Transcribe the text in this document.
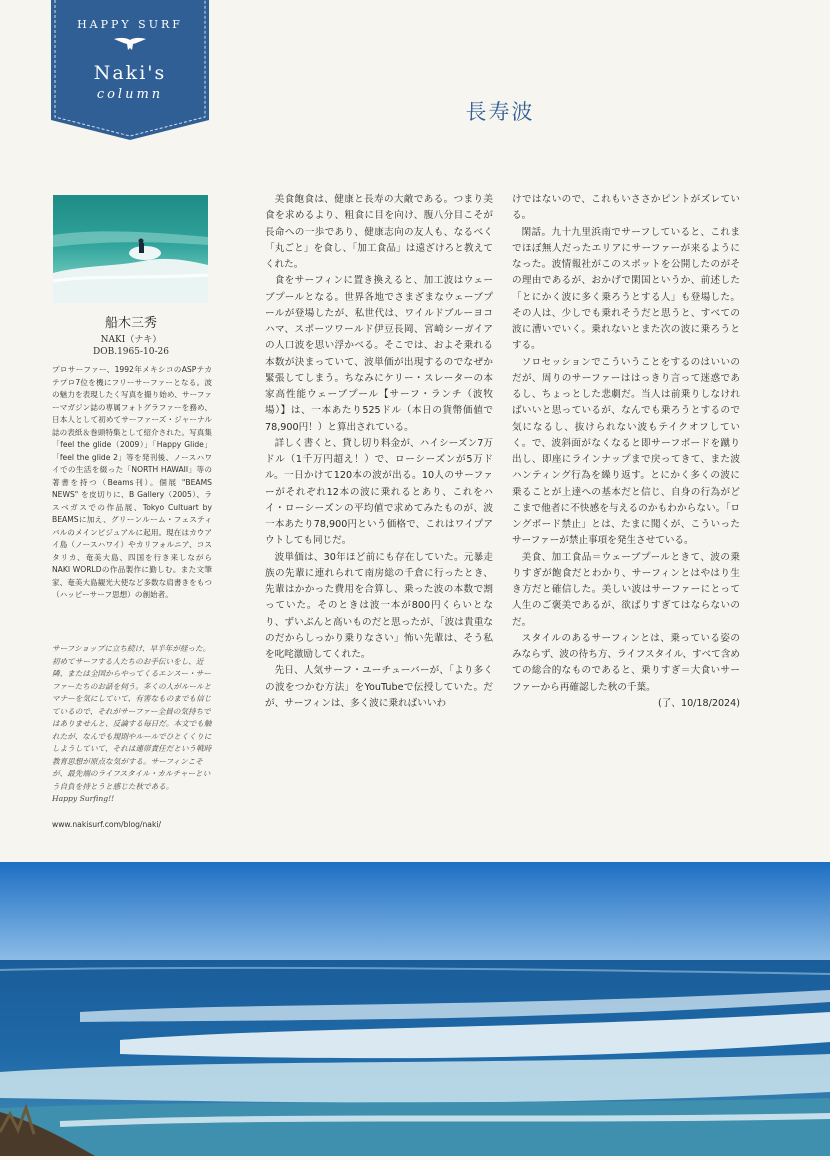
HAPPY SURF
Naki's
column
長寿波
船木三秀
NAKI（ナキ）
DOB.1965-10-26
プロサーファー、1992年メキシコのASPテカテプロ7位を機にフリーサーファーとなる。波の魅力を表現したく写真を撮り始め、サーファーマガジン誌の専属フォトグラファーを務め、日本人として初めてサーファーズ・ジャーナル誌の表紙＆巻頭特集として紹介された。写真集「feel the glide（2009）」「Happy Glide」「feel the glide 2」等を発刊後、ノースハワイでの生活を綴った「NORTH HAWAII」等の著書を持つ（Beams刊）。個展 "BEAMS NEWS" を皮切りに、B Gallery（2005）、ラスベガスでの作品展、Tokyo Cultuart by BEAMSに加え、グリーンルーム・フェスティバルのメインビジュアルに起用。現在はカウアイ島（ノースハワイ）やカリフォルニア、コスタリカ、奄美大島、四国を行き来しながらNAKI WORLDの作品製作に勤しむ。また文筆家、奄美大島観光大使など多数な肩書きをもつ（ハッピーサーフ思想）の創始者。
サーフショップに立ち続け、早半年が経った。初めてサーフする人たちのお手伝いをし、近隣、または全国からやってくるエンスー・サーファーたちのお話を伺う。多くの人がルールとマナーを気にしていて、有害なものまでも信じているので、それがサーファー全員の気持ちではありませんと、反論する毎日だ。本文でも触れたが、なんでも規則やルールでひとくくりにしようしていて、それは連帯責任だという戦時教育思想が原点な気がする。サーフィンこそが、最先端のライフスタイル・カルチャーという自負を持とうと感じた秋である。
Happy Surfing!!
www.nakisurf.com/blog/naki/

美食飽食は、健康と長寿の大敵である。つまり美食を求めるより、粗食に目を向け、腹八分目こそが長命への一歩であり、健康志向の友人も、なるべく「丸ごと」を食し、「加工食品」は遠ざけろと教えてくれた。

食をサーフィンに置き換えると、加工波はウェーブプールとなる。世界各地でさまざまなウェーブプールが登場したが、私世代は、ワイルドブルーヨコハマ、スポーツワールド伊豆長岡、宮崎シーガイアの人口波を思い浮かべる。そこでは、およそ乗れる本数が決まっていて、波単価が出現するのでなぜか緊張してしまう。ちなみにケリー・スレーターの本家高性能ウェーブプール【サーフ・ランチ（波牧場）】は、一本あたり525ドル（本日の貨幣価値で78,900円！）と算出されている。

詳しく書くと、貸し切り料金が、ハイシーズン7万ドル（1千万円超え！）で、ローシーズンが5万ドル。一日かけて120本の波が出る。10人のサーファーがそれぞれ12本の波に乗れるとあり、これをハイ・ローシーズンの平均値で求めてみたものが、波一本あたり78,900円という価格で、これはワイプアウトしても同じだ。

波単価は、30年ほど前にも存在していた。元暴走族の先輩に連れられて南房総の千倉に行ったとき、先輩はかかった費用を合算し、乗った波の本数で割っていた。そのときは波一本が800円くらいとなり、ずいぶんと高いものだと思ったが、「波は貴重なのだからしっかり乗りなさい」怖い先輩は、そう私を叱咤激励してくれた。

先日、人気サーフ・ユーチューバーが、「より多くの波をつかむ方法」をYouTubeで伝授していた。だが、サーフィンは、多く波に乗ればいいわ

けではないので、これもいささかピントがズレている。

閑話。九十九里浜南でサーフしていると、これまでほぼ無人だったエリアにサーファーが来るようになった。波情報社がこのスポットを公開したのがその理由であるが、おかげで閑国というか、前述した「とにかく波に多く乗ろうとする人」も登場した。その人は、少しでも乗れそうだと思うと、すべての波に漕いでいく。乗れないとまた次の波に乗ろうとする。

ソロセッションでこういうことをするのはいいのだが、周りのサーファーははっきり言って迷惑であるし、ちょっとした悲劇だ。当人は前乗りしなければいいと思っているが、なんでも乗ろうとするので気になるし、抜けられない波もテイクオフしていく。で、波斜面がなくなると即サーフボードを蹴り出し、即座にラインナップまで戻ってきて、また波ハンティング行為を繰り返す。とにかく多くの波に乗ることが上達への基本だと信じ、自身の行為がどこまで他者に不快感を与えるのかもわからない。「ロングボード禁止」とは、たまに聞くが、こういったサーファーが禁止事項を発生させている。

美食、加工食品＝ウェーブプールときて、波の乗りすぎが飽食だとわかり、サーフィンとはやはり生き方だと確信した。美しい波はサーファーにとって人生のご褒美であるが、欲ばりすぎてはならないのだ。

スタイルのあるサーフィンとは、乗っている姿のみならず、波の待ち方、ライフスタイル、すべて含めての総合的なものであると、乗りすぎ＝大食いサーファーから再確認した秋の千葉。

(了、10/18/2024)
